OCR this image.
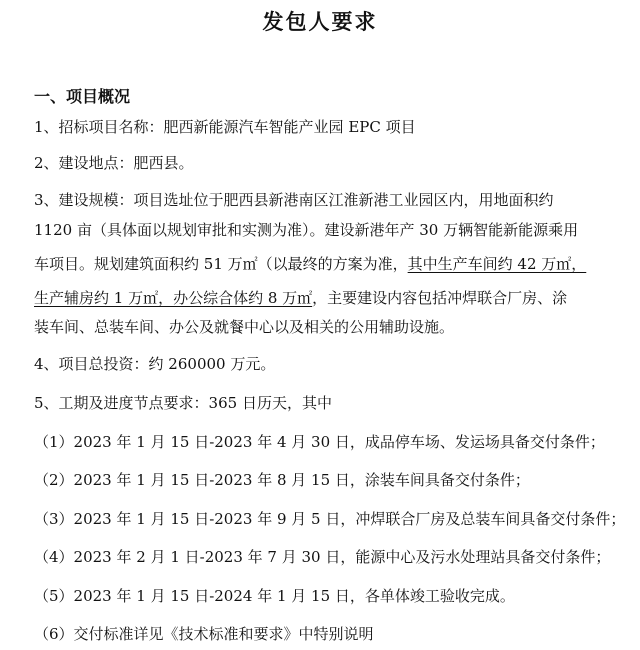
发包人要求
一、项目概况
1、招标项目名称：肥西新能源汽车智能产业园 EPC 项目
2、建设地点：肥西县。
3、建设规模：项目选址位于肥西县新港南区江淮新港工业园区内，用地面积约
1120 亩（具体面以规划审批和实测为准）。建设新港年产 30 万辆智能新能源乘用
车项目。规划建筑面积约 51 万㎡（以最终的方案为准，其中生产车间约 42 万㎡，
生产辅房约 1 万㎡，办公综合体约 8 万㎡，主要建设内容包括冲焊联合厂房、涂
装车间、总装车间、办公及就餐中心以及相关的公用辅助设施。
4、项目总投资：约 260000 万元。
5、工期及进度节点要求：365 日历天，其中
（1）2023 年 1 月 15 日-2023 年 4 月 30 日，成品停车场、发运场具备交付条件；
（2）2023 年 1 月 15 日-2023 年 8 月 15 日，涂装车间具备交付条件；
（3）2023 年 1 月 15 日-2023 年 9 月 5 日，冲焊联合厂房及总装车间具备交付条件；
（4）2023 年 2 月 1 日-2023 年 7 月 30 日，能源中心及污水处理站具备交付条件；
（5）2023 年 1 月 15 日-2024 年 1 月 15 日，各单体竣工验收完成。
（6）交付标准详见《技术标准和要求》中特别说明
